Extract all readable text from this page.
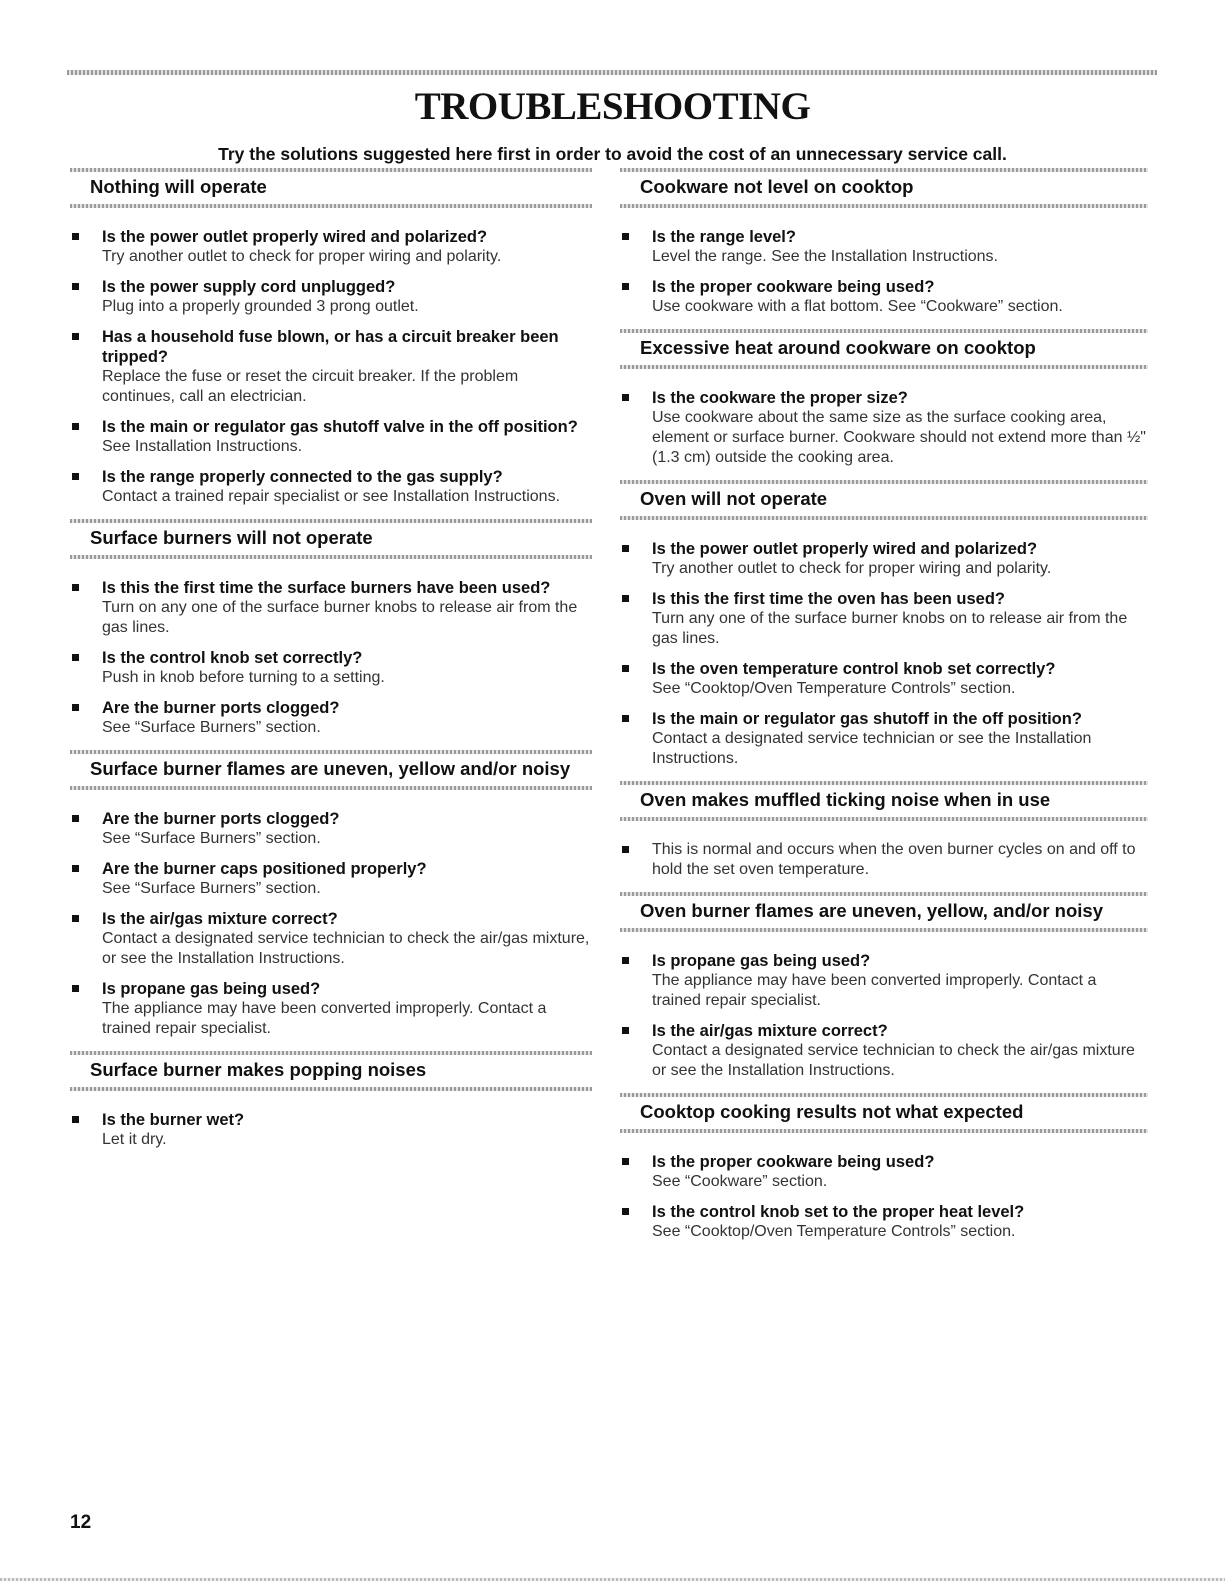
TROUBLESHOOTING
Try the solutions suggested here first in order to avoid the cost of an unnecessary service call.
Nothing will operate
Is the power outlet properly wired and polarized?
Try another outlet to check for proper wiring and polarity.
Is the power supply cord unplugged?
Plug into a properly grounded 3 prong outlet.
Has a household fuse blown, or has a circuit breaker been tripped?
Replace the fuse or reset the circuit breaker. If the problem continues, call an electrician.
Is the main or regulator gas shutoff valve in the off position?
See Installation Instructions.
Is the range properly connected to the gas supply?
Contact a trained repair specialist or see Installation Instructions.
Surface burners will not operate
Is this the first time the surface burners have been used?
Turn on any one of the surface burner knobs to release air from the gas lines.
Is the control knob set correctly?
Push in knob before turning to a setting.
Are the burner ports clogged?
See “Surface Burners” section.
Surface burner flames are uneven, yellow and/or noisy
Are the burner ports clogged?
See “Surface Burners” section.
Are the burner caps positioned properly?
See “Surface Burners” section.
Is the air/gas mixture correct?
Contact a designated service technician to check the air/gas mixture, or see the Installation Instructions.
Is propane gas being used?
The appliance may have been converted improperly. Contact a trained repair specialist.
Surface burner makes popping noises
Is the burner wet?
Let it dry.
Cookware not level on cooktop
Is the range level?
Level the range. See the Installation Instructions.
Is the proper cookware being used?
Use cookware with a flat bottom. See “Cookware” section.
Excessive heat around cookware on cooktop
Is the cookware the proper size?
Use cookware about the same size as the surface cooking area, element or surface burner. Cookware should not extend more than ½" (1.3 cm) outside the cooking area.
Oven will not operate
Is the power outlet properly wired and polarized?
Try another outlet to check for proper wiring and polarity.
Is this the first time the oven has been used?
Turn any one of the surface burner knobs on to release air from the gas lines.
Is the oven temperature control knob set correctly?
See “Cooktop/Oven Temperature Controls” section.
Is the main or regulator gas shutoff in the off position?
Contact a designated service technician or see the Installation Instructions.
Oven makes muffled ticking noise when in use
This is normal and occurs when the oven burner cycles on and off to hold the set oven temperature.
Oven burner flames are uneven, yellow, and/or noisy
Is propane gas being used?
The appliance may have been converted improperly. Contact a trained repair specialist.
Is the air/gas mixture correct?
Contact a designated service technician to check the air/gas mixture or see the Installation Instructions.
Cooktop cooking results not what expected
Is the proper cookware being used?
See “Cookware” section.
Is the control knob set to the proper heat level?
See “Cooktop/Oven Temperature Controls” section.
12
